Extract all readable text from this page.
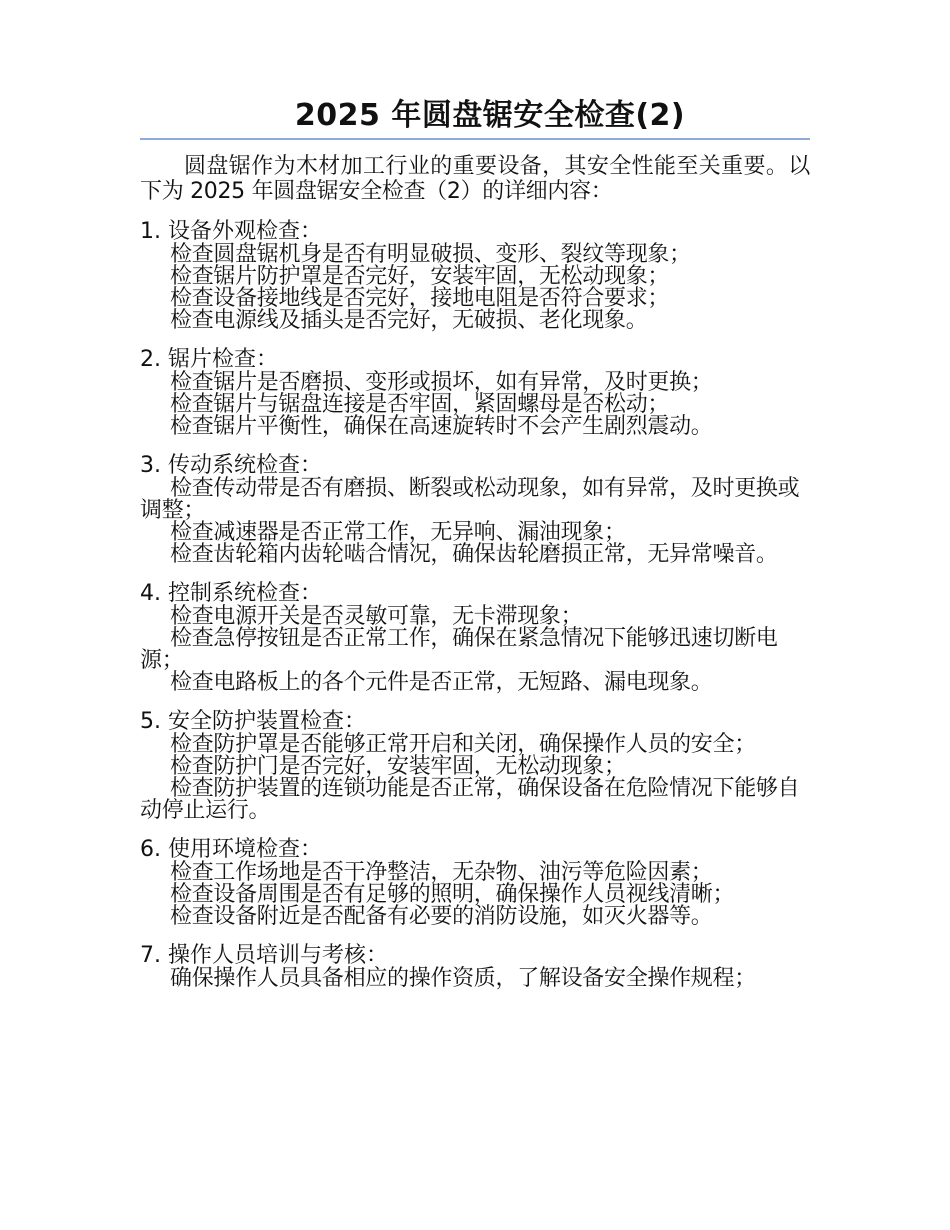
2025 年圆盘锯安全检查(2)

圆盘锯作为木材加工行业的重要设备，其安全性能至关重要。以下为 2025 年圆盘锯安全检查（2）的详细内容：

1. 设备外观检查：

检查圆盘锯机身是否有明显破损、变形、裂纹等现象；

检查锯片防护罩是否完好，安装牢固，无松动现象；

检查设备接地线是否完好，接地电阻是否符合要求；

检查电源线及插头是否完好，无破损、老化现象。

2. 锯片检查：

检查锯片是否磨损、变形或损坏，如有异常，及时更换；

检查锯片与锯盘连接是否牢固，紧固螺母是否松动；

检查锯片平衡性，确保在高速旋转时不会产生剧烈震动。

3. 传动系统检查：

检查传动带是否有磨损、断裂或松动现象，如有异常，及时更换或调整；

检查减速器是否正常工作，无异响、漏油现象；

检查齿轮箱内齿轮啮合情况，确保齿轮磨损正常，无异常噪音。

4. 控制系统检查：

检查电源开关是否灵敏可靠，无卡滞现象；

检查急停按钮是否正常工作，确保在紧急情况下能够迅速切断电源；

检查电路板上的各个元件是否正常，无短路、漏电现象。

5. 安全防护装置检查：

检查防护罩是否能够正常开启和关闭，确保操作人员的安全；

检查防护门是否完好，安装牢固，无松动现象；

检查防护装置的连锁功能是否正常，确保设备在危险情况下能够自动停止运行。

6. 使用环境检查：

检查工作场地是否干净整洁，无杂物、油污等危险因素；

检查设备周围是否有足够的照明，确保操作人员视线清晰；

检查设备附近是否配备有必要的消防设施，如灭火器等。

7. 操作人员培训与考核：

确保操作人员具备相应的操作资质，了解设备安全操作规程；
